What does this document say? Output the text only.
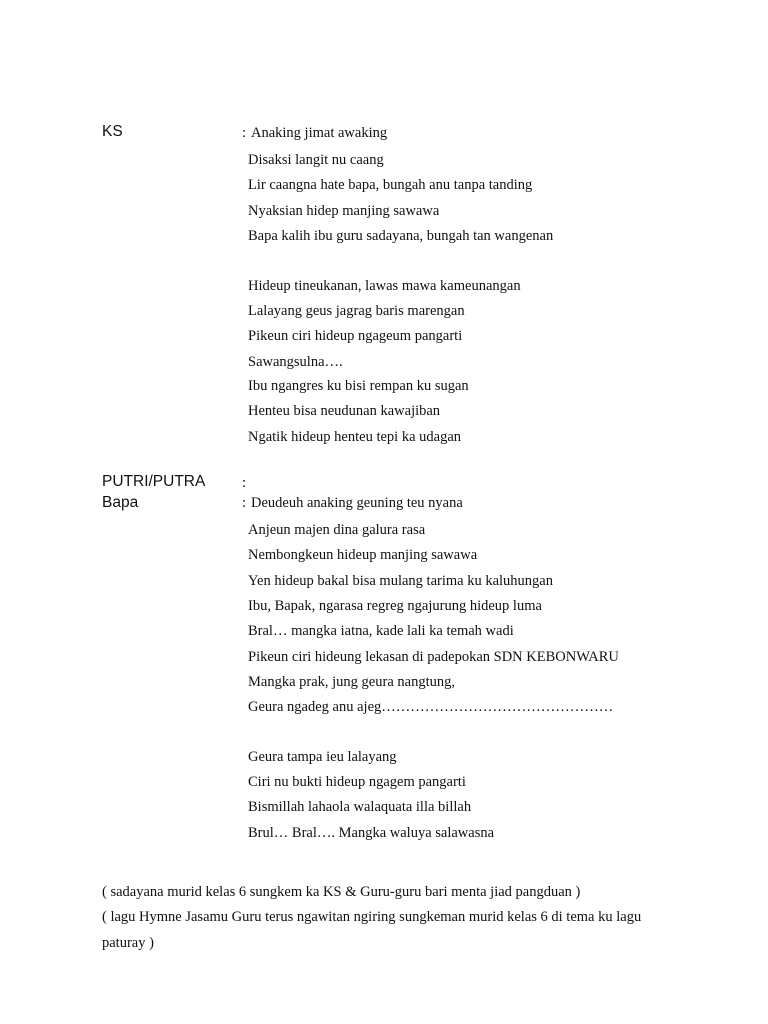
KS	: Anaking jimat awaking
Disaksi langit nu caang
Lir caangna hate bapa, bungah anu tanpa tanding
Nyaksian hidep manjing sawawa
Bapa kalih ibu guru sadayana, bungah tan wangenan
Hideup tineukanan, lawas mawa kameunangan
Lalayang geus jagrag baris marengan
Pikeun ciri hideup ngageum pangarti
Sawangsulna….
Ibu ngangres ku bisi rempan ku sugan
Henteu bisa neudunan kawajiban
Ngatik hideup henteu tepi ka udagan
PUTRI/PUTRA :
Bapa	: Deudeuh anaking geuning teu nyana
Anjeun majen dina galura rasa
Nembongkeun hideup manjing sawawa
Yen hideup bakal bisa mulang tarima ku kaluhungan
Ibu, Bapak, ngarasa regreg ngajurung hideup luma
Bral… mangka iatna, kade lali ka temah wadi
Pikeun ciri hideung lekasan di padepokan SDN KEBONWARU
Mangka prak, jung geura nangtung,
Geura ngadeg anu ajeg…………………………………………
Geura tampa ieu lalayang
Ciri nu bukti hideup ngagem pangarti
Bismillah lahaola walaquata illa billah
Brul… Bral…. Mangka waluya salawasna
( sadayana murid kelas 6 sungkem ka KS & Guru-guru bari menta jiad pangduan )
( lagu Hymne Jasamu Guru terus ngawitan ngiring sungkeman murid kelas 6 di tema ku lagu
paturay )
